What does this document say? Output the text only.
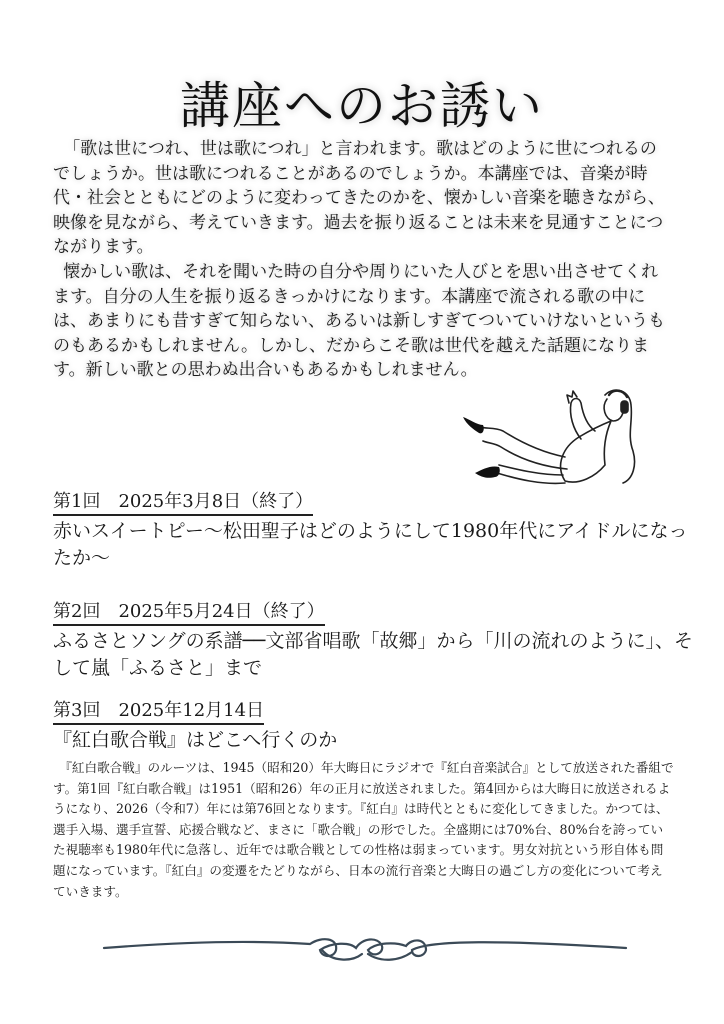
講座へのお誘い

「歌は世につれ、世は歌につれ」と言われます。歌はどのように世につれるのでしょうか。世は歌につれることがあるのでしょうか。本講座では、音楽が時代・社会とともにどのように変わってきたのかを、懐かしい音楽を聴きながら、映像を見ながら、考えていきます。過去を振り返ることは未来を見通すことにつながります。

懐かしい歌は、それを聞いた時の自分や周りにいた人びとを思い出させてくれます。自分の人生を振り返るきっかけになります。本講座で流される歌の中には、あまりにも昔すぎて知らない、あるいは新しすぎてついていけないというものもあるかもしれません。しかし、だからこそ歌は世代を越えた話題になります。新しい歌との思わぬ出合いもあるかもしれません。

第1回　2025年3月8日（終了）
赤いスイートピー〜松田聖子はどのようにして1980年代にアイドルになったか〜
第2回　2025年5月24日（終了）
ふるさとソングの系譜──文部省唱歌「故郷」から「川の流れのように」、そして嵐「ふるさと」まで
第3回　2025年12月14日
『紅白歌合戦』はどこへ行くのか

『紅白歌合戦』のルーツは、1945（昭和20）年大晦日にラジオで『紅白音楽試合』として放送された番組です。第1回『紅白歌合戦』は1951（昭和26）年の正月に放送されました。第4回からは大晦日に放送されるようになり、2026（令和7）年には第76回となります。『紅白』は時代とともに変化してきました。かつては、選手入場、選手宣誓、応援合戦など、まさに「歌合戦」の形でした。全盛期には70%台、80%台を誇っていた視聴率も1980年代に急落し、近年では歌合戦としての性格は弱まっています。男女対抗という形自体も問題になっています。『紅白』の変遷をたどりながら、日本の流行音楽と大晦日の過ごし方の変化について考えていきます。
